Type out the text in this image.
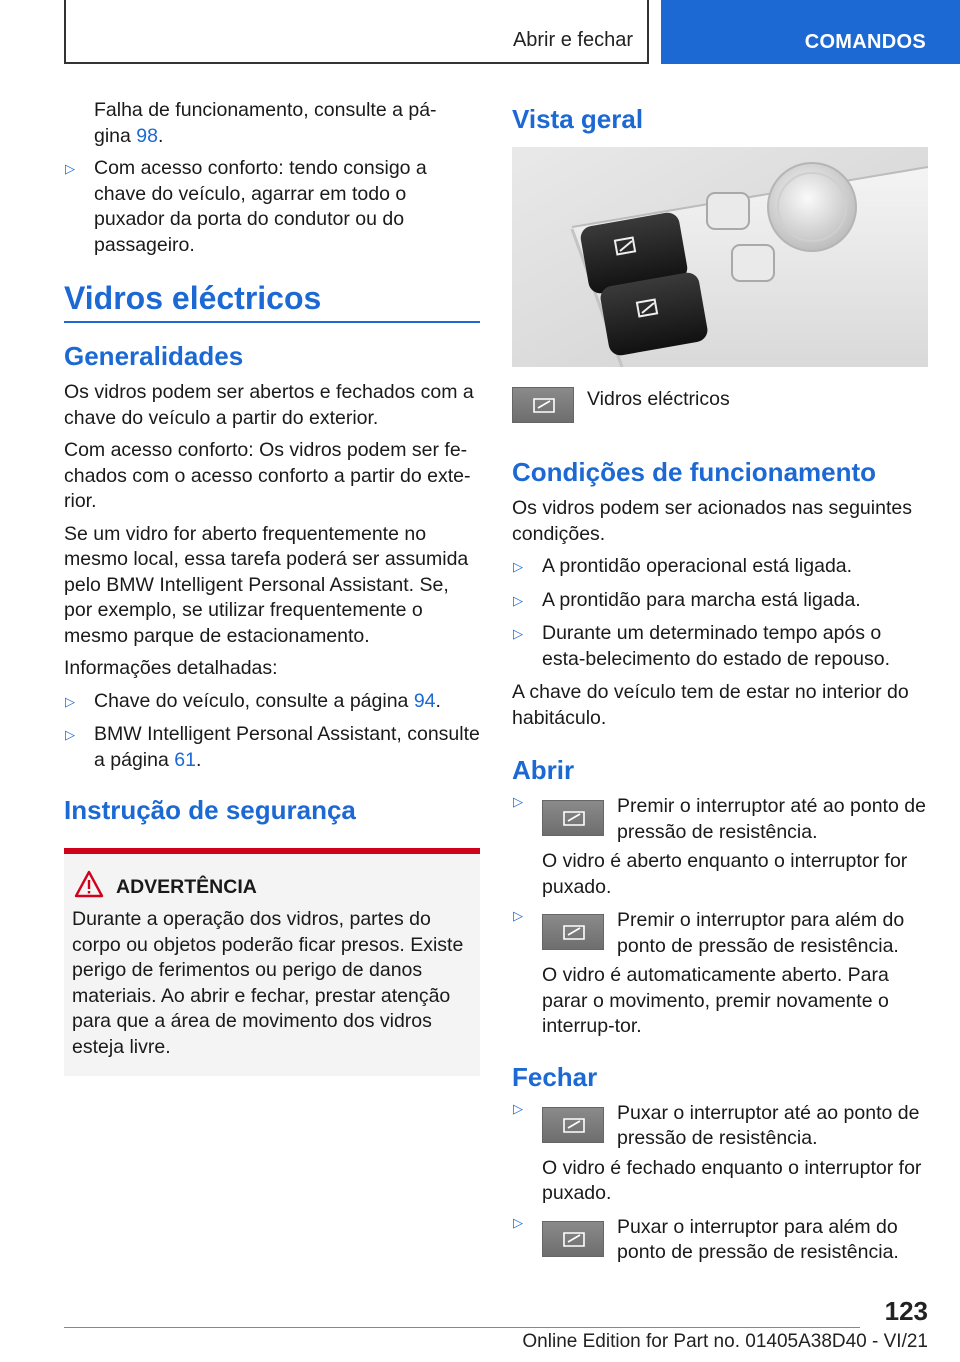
Abrir e fechar	COMANDOS

Falha de funcionamento, consulte a pá-
gina 98.

▷ Com acesso conforto: tendo consigo a chave do veículo, agarrar em todo o puxador da porta do condutor ou do passageiro.
Vidros eléctricos
Generalidades

Os vidros podem ser abertos e fechados com a chave do veículo a partir do exterior.

Com acesso conforto: Os vidros podem ser fe-chados com o acesso conforto a partir do exte-rior.

Se um vidro for aberto frequentemente no mesmo local, essa tarefa poderá ser assumida pelo BMW Intelligent Personal Assistant. Se, por exemplo, se utilizar frequentemente o mesmo parque de estacionamento.

Informações detalhadas:

▷ Chave do veículo, consulte a página 94.
▷ BMW Intelligent Personal Assistant, consulte a página 61.
Instrução de segurança
ADVERTÊNCIA

Durante a operação dos vidros, partes do corpo ou objetos poderão ficar presos. Existe perigo de ferimentos ou perigo de danos materiais. Ao abrir e fechar, prestar atenção para que a área de movimento dos vidros esteja livre.

Vista geral
Vidros eléctricos
Condições de funcionamento

Os vidros podem ser acionados nas seguintes condições.

▷ A prontidão operacional está ligada.
▷ A prontidão para marcha está ligada.
▷ Durante um determinado tempo após o esta-belecimento do estado de repouso.

A chave do veículo tem de estar no interior do habitáculo.

Abrir
▷	Premir o interruptor até ao ponto de pressão de resistência.
O vidro é aberto enquanto o interruptor for puxado.
▷	Premir o interruptor para além do ponto de pressão de resistência.
O vidro é automaticamente aberto. Para parar o movimento, premir novamente o interrup-tor.
Fechar
▷	Puxar o interruptor até ao ponto de pressão de resistência.
O vidro é fechado enquanto o interruptor for puxado.
▷	Puxar o interruptor para além do ponto de pressão de resistência.
123
Online Edition for Part no. 01405A38D40 - VI/21
